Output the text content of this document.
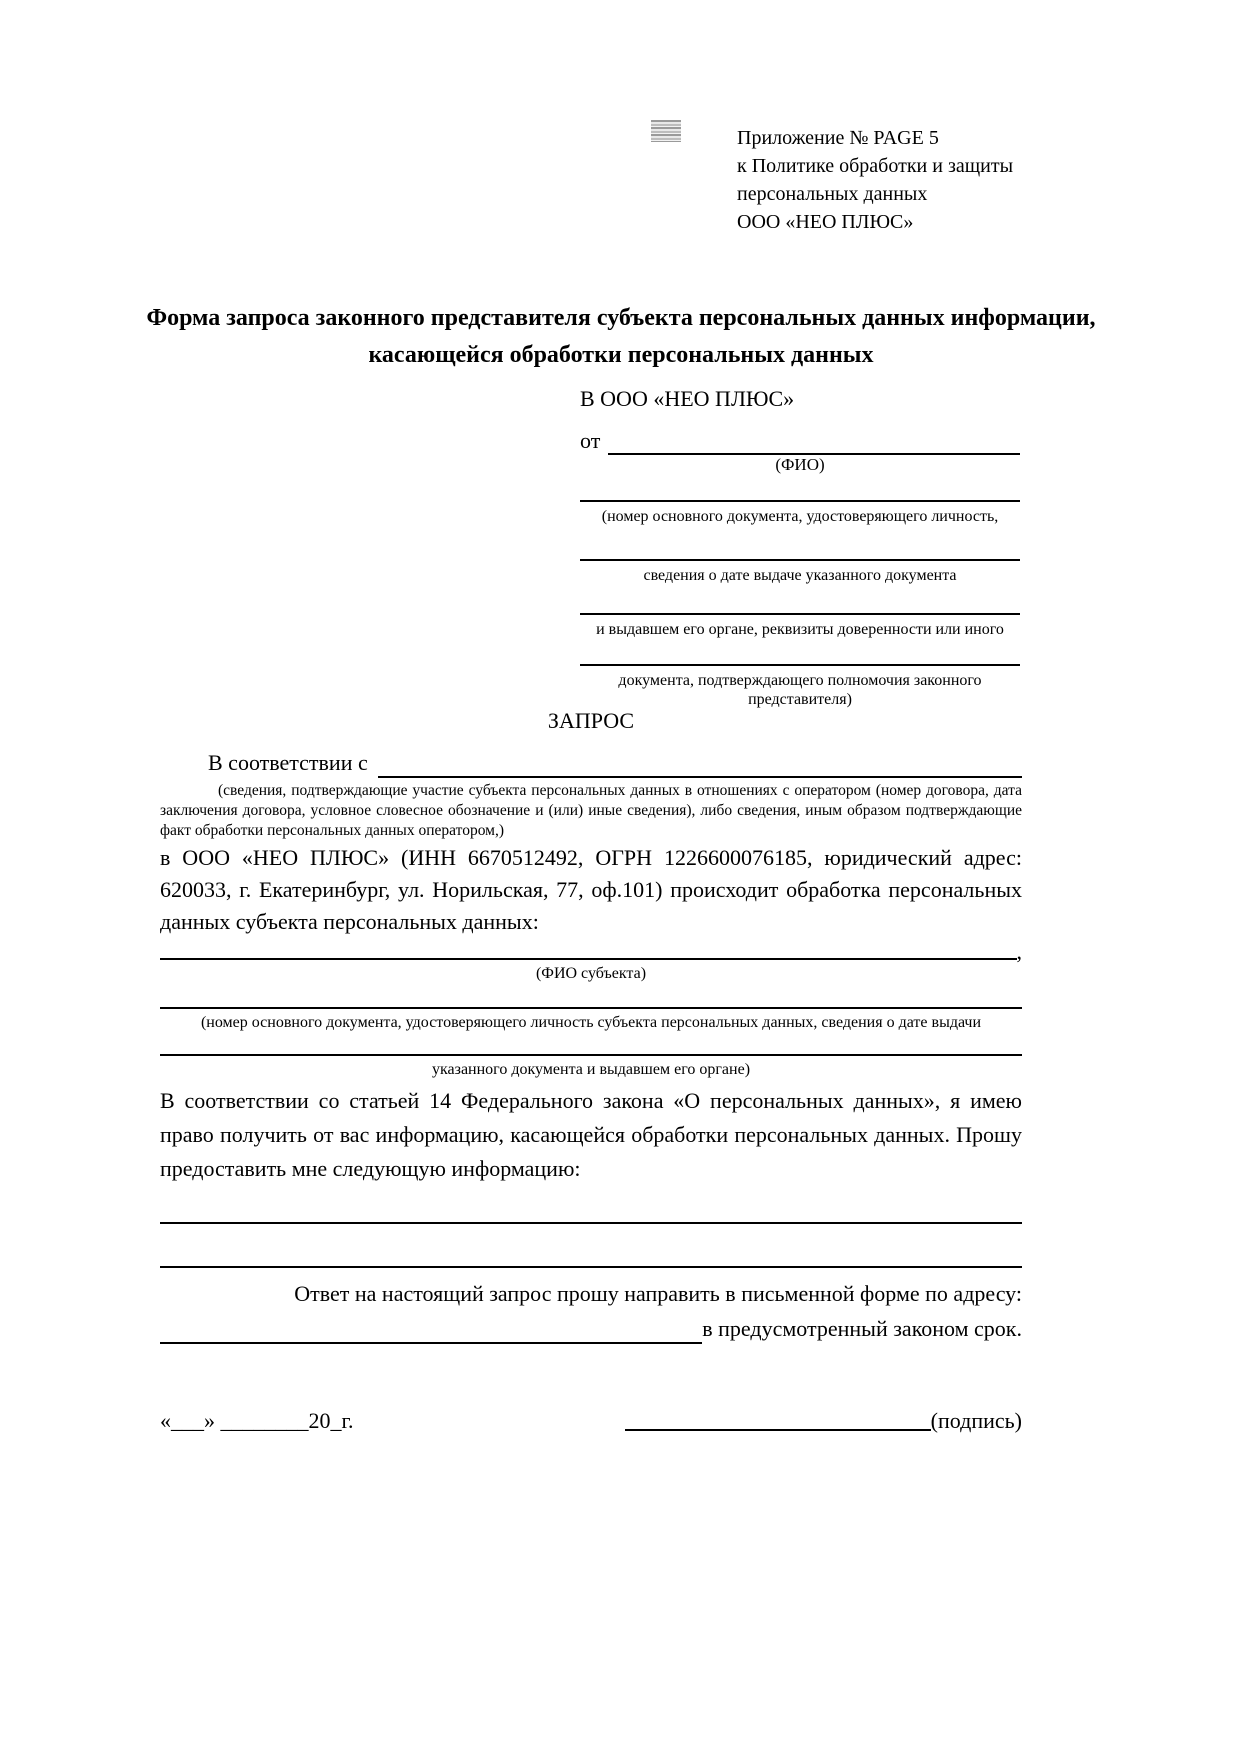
Приложение № PAGE 5
к Политике обработки и защиты
персональных данных
ООО «НЕО ПЛЮС»
Форма запроса законного представителя субъекта персональных данных информации, касающейся обработки персональных данных
В ООО «НЕО ПЛЮС»
от
(ФИО)
(номер основного документа, удостоверяющего личность,
сведения о дате выдаче указанного документа
и выдавшем его органе, реквизиты доверенности или иного
документа, подтверждающего полномочия законного представителя)
ЗАПРОС
В соответствии с
(сведения, подтверждающие участие субъекта персональных данных в отношениях с оператором (номер договора, дата заключения договора, условное словесное обозначение и (или) иные сведения), либо сведения, иным образом подтверждающие факт обработки персональных данных оператором,)
в ООО «НЕО ПЛЮС» (ИНН 6670512492, ОГРН 1226600076185, юридический адрес: 620033, г. Екатеринбург, ул. Норильская, 77, оф.101) происходит обработка персональных данных субъекта персональных данных:
,
(ФИО субъекта)
(номер основного документа, удостоверяющего личность субъекта персональных данных, сведения о дате выдачи
указанного документа и выдавшем его органе)
В соответствии со статьей 14 Федерального закона «О персональных данных», я имею право получить от вас информацию, касающейся обработки персональных данных. Прошу предоставить мне следующую информацию:
Ответ на настоящий запрос прошу направить в письменной форме по адресу:
в предусмотренный законом срок.
«___» ________20_г.	(подпись)
